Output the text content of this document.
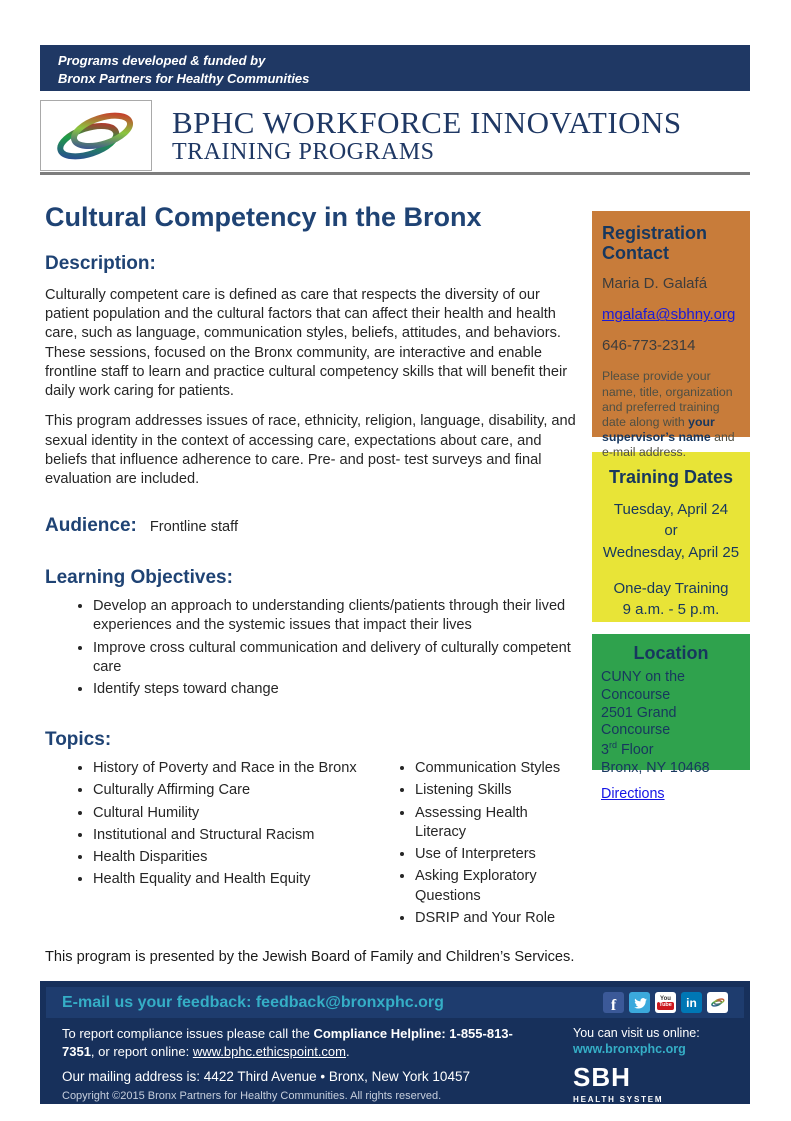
Programs developed & funded by
Bronx Partners for Healthy Communities
BPHC WORKFORCE INNOVATIONS
TRAINING PROGRAMS
Cultural Competency in the Bronx
Description:

Culturally competent care is defined as care that respects the diversity of our patient population and the cultural factors that can affect their health and health care, such as language, communication styles, beliefs, attitudes, and behaviors. These sessions, focused on the Bronx community, are interactive and enable frontline staff to learn and practice cultural competency skills that will benefit their daily work caring for patients.

This program addresses issues of race, ethnicity, religion, language, disability, and sexual identity in the context of accessing care, expectations about care, and beliefs that influence adherence to care. Pre- and post- test surveys and final evaluation are included.

Audience: Frontline staff
Learning Objectives:
• Develop an approach to understanding clients/patients through their lived experiences and the systemic issues that impact their lives
• Improve cross cultural communication and delivery of culturally competent care
• Identify steps toward change
Topics:
• History of Poverty and Race in the Bronx
• Culturally Affirming Care
• Cultural Humility
• Institutional and Structural Racism
• Health Disparities
• Health Equality and Health Equity
• Communication Styles
• Listening Skills
• Assessing Health Literacy
• Use of Interpreters
• Asking Exploratory Questions
• DSRIP and Your Role
Registration Contact
Maria D. Galafá
mgalafa@sbhny.org
646-773-2314
Please provide your name, title, organization and preferred training date along with your supervisor’s name and e-mail address.
Training Dates
Tuesday, April 24
or
Wednesday, April 25
One-day Training
9 a.m. - 5 p.m.
Location
CUNY on the Concourse
2501 Grand Concourse
3rd Floor
Bronx, NY 10468
Directions

This program is presented by the Jewish Board of Family and Children’s Services.

E-mail us your feedback: feedback@bronxphc.org	f	You
Tube	in

To report compliance issues please call the Compliance Helpline: 1-855-813-7351, or report online: www.bphc.ethicspoint.com.

Our mailing address is: 4422 Third Avenue • Bronx, New York 10457

Copyright ©2015 Bronx Partners for Healthy Communities. All rights reserved.

You can visit us online:
www.bronxphc.org
SBH
HEALTH SYSTEM
BRONX
